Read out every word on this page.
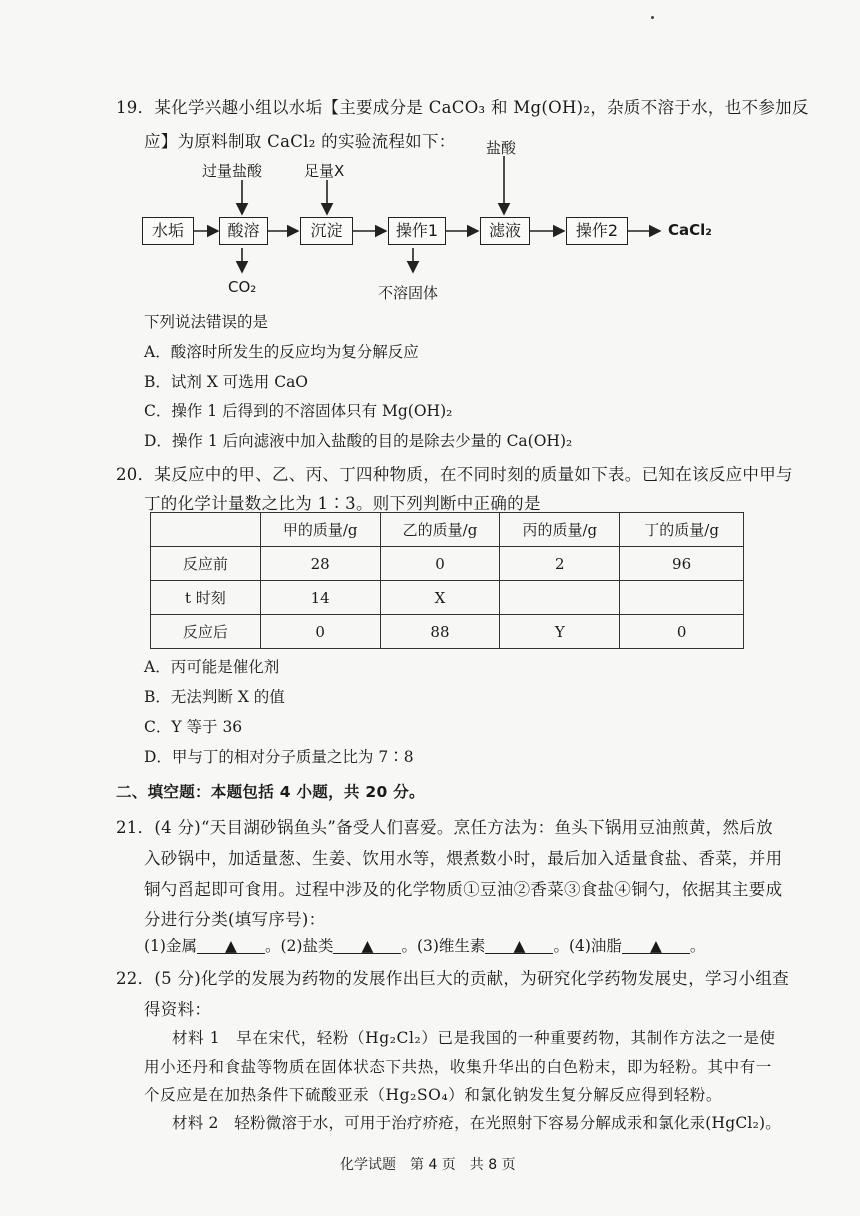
19．某化学兴趣小组以水垢【主要成分是 CaCO₃ 和 Mg(OH)₂，杂质不溶于水，也不参加反
应】为原料制取 CaCl₂ 的实验流程如下：
水垢	酸溶	沉淀	操作1	滤液	操作2	CaCl₂
过量盐酸	足量X
盐酸
CO₂	不溶固体
下列说法错误的是
A．酸溶时所发生的反应均为复分解反应
B．试剂 X 可选用 CaO
C．操作 1 后得到的不溶固体只有 Mg(OH)₂
D．操作 1 后向滤液中加入盐酸的目的是除去少量的 Ca(OH)₂
20．某反应中的甲、乙、丙、丁四种物质，在不同时刻的质量如下表。已知在该反应中甲与
丁的化学计量数之比为 1∶3。则下列判断中正确的是
	甲的质量/g	乙的质量/g	丙的质量/g	丁的质量/g
反应前	28	0	2	96
t 时刻	14	X		
反应后	0	88	Y	0
A．丙可能是催化剂
B．无法判断 X 的值
C．Y 等于 36
D．甲与丁的相对分子质量之比为 7∶8
二、填空题：本题包括 4 小题，共 20 分。
21．(4 分)“天目湖砂锅鱼头”备受人们喜爱。烹任方法为：鱼头下锅用豆油煎黄，然后放
入砂锅中，加适量葱、生姜、饮用水等，煨煮数小时，最后加入适量食盐、香菜，并用
铜勺舀起即可食用。过程中涉及的化学物质①豆油②香菜③食盐④铜勺，依据其主要成
分进行分类(填写序号)：
(1)金属 ▲ 。(2)盐类 ▲ 。(3)维生素 ▲ 。(4)油脂 ▲ 。
22．(5 分)化学的发展为药物的发展作出巨大的贡献，为研究化学药物发展史，学习小组查
得资料：
材料 1　早在宋代，轻粉（Hg₂Cl₂）已是我国的一种重要药物，其制作方法之一是使
用小还丹和食盐等物质在固体状态下共热，收集升华出的白色粉末，即为轻粉。其中有一
个反应是在加热条件下硫酸亚汞（Hg₂SO₄）和氯化钠发生复分解反应得到轻粉。
材料 2　轻粉微溶于水，可用于治疗疥疮，在光照射下容易分解成汞和氯化汞(HgCl₂)。
化学试题　第 4 页　共 8 页
